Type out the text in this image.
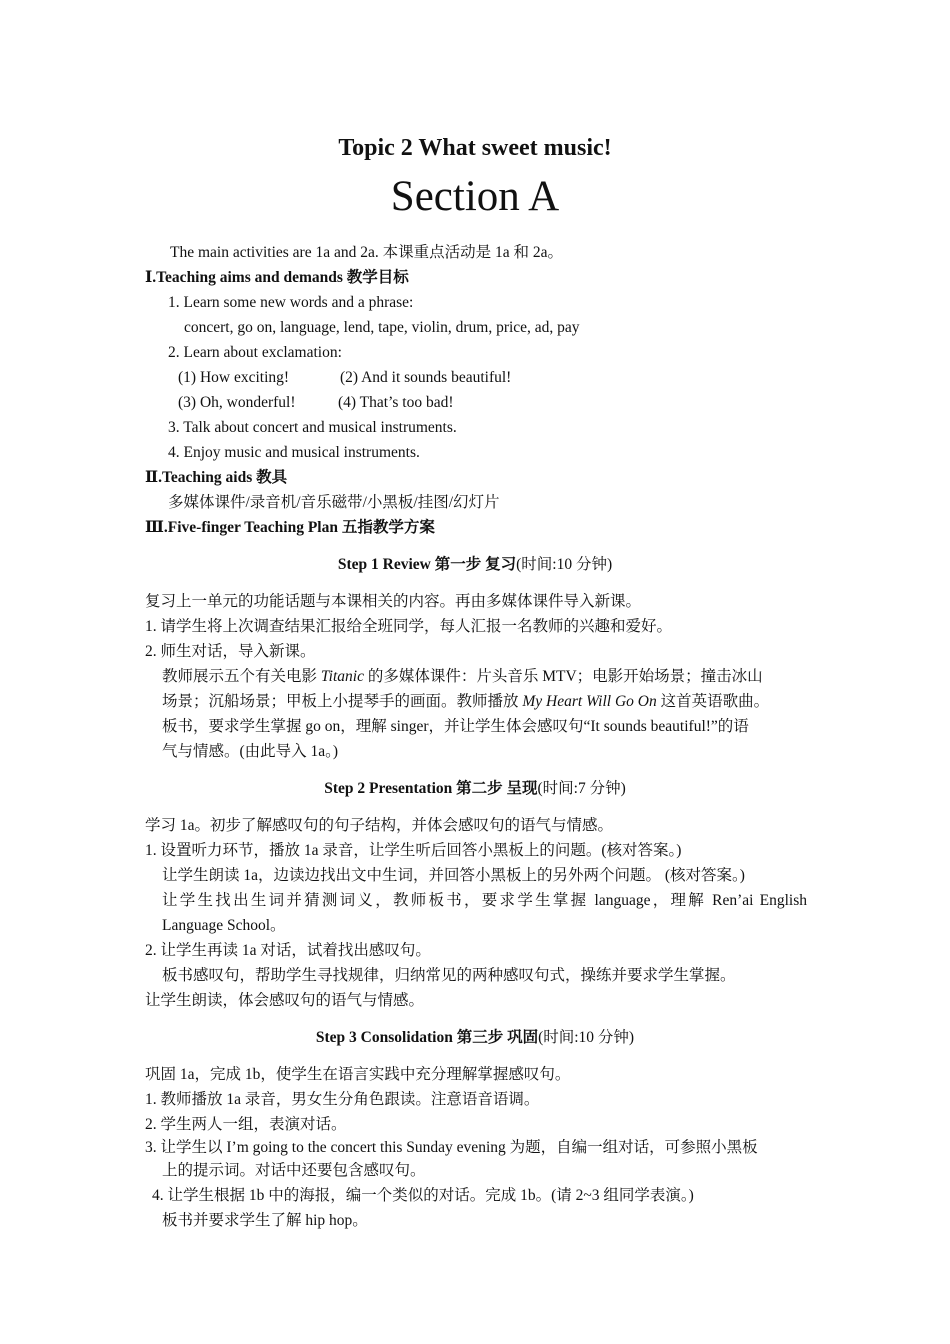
Topic 2 What sweet music!
Section A
The main activities are 1a and 2a. 本课重点活动是 1a 和 2a。
Ⅰ.Teaching aims and demands 教学目标
1. Learn some new words and a phrase:
concert, go on, language, lend, tape, violin, drum, price, ad, pay
2. Learn about exclamation:
(1) How exciting!	(2) And it sounds beautiful!
(3) Oh, wonderful!	(4) That’s too bad!
3. Talk about concert and musical instruments.
4. Enjoy music and musical instruments.
Ⅱ.Teaching aids 教具
多媒体课件/录音机/音乐磁带/小黑板/挂图/幻灯片
Ⅲ.Five-finger Teaching Plan 五指教学方案
Step 1 Review 第一步 复习(时间:10 分钟)
复习上一单元的功能话题与本课相关的内容。再由多媒体课件导入新课。
1. 请学生将上次调查结果汇报给全班同学，每人汇报一名教师的兴趣和爱好。
2. 师生对话，导入新课。
教师展示五个有关电影 Titanic 的多媒体课件：片头音乐 MTV；电影开始场景；撞击冰山
场景；沉船场景；甲板上小提琴手的画面。教师播放 My Heart Will Go On 这首英语歌曲。
板书，要求学生掌握 go on，理解 singer，并让学生体会感叹句“It sounds beautiful!”的语
气与情感。(由此导入 1a。)
Step 2 Presentation 第二步 呈现(时间:7 分钟)
学习 1a。初步了解感叹句的句子结构，并体会感叹句的语气与情感。
1. 设置听力环节，播放 1a 录音，让学生听后回答小黑板上的问题。(核对答案。)
让学生朗读 1a，边读边找出文中生词，并回答小黑板上的另外两个问题。 (核对答案。)
让学生找出生词并猜测词义，教师板书，要求学生掌握 language，理解 Ren’ai English
Language School。
2. 让学生再读 1a 对话，试着找出感叹句。
板书感叹句，帮助学生寻找规律，归纳常见的两种感叹句式，操练并要求学生掌握。
让学生朗读，体会感叹句的语气与情感。
Step 3 Consolidation 第三步 巩固(时间:10 分钟)
巩固 1a，完成 1b，使学生在语言实践中充分理解掌握感叹句。
1. 教师播放 1a 录音，男女生分角色跟读。注意语音语调。
2. 学生两人一组，表演对话。
3. 让学生以 I’m going to the concert this Sunday evening 为题，自编一组对话，可参照小黑板
上的提示词。对话中还要包含感叹句。
4. 让学生根据 1b 中的海报，编一个类似的对话。完成 1b。(请 2~3 组同学表演。)
板书并要求学生了解 hip hop。
